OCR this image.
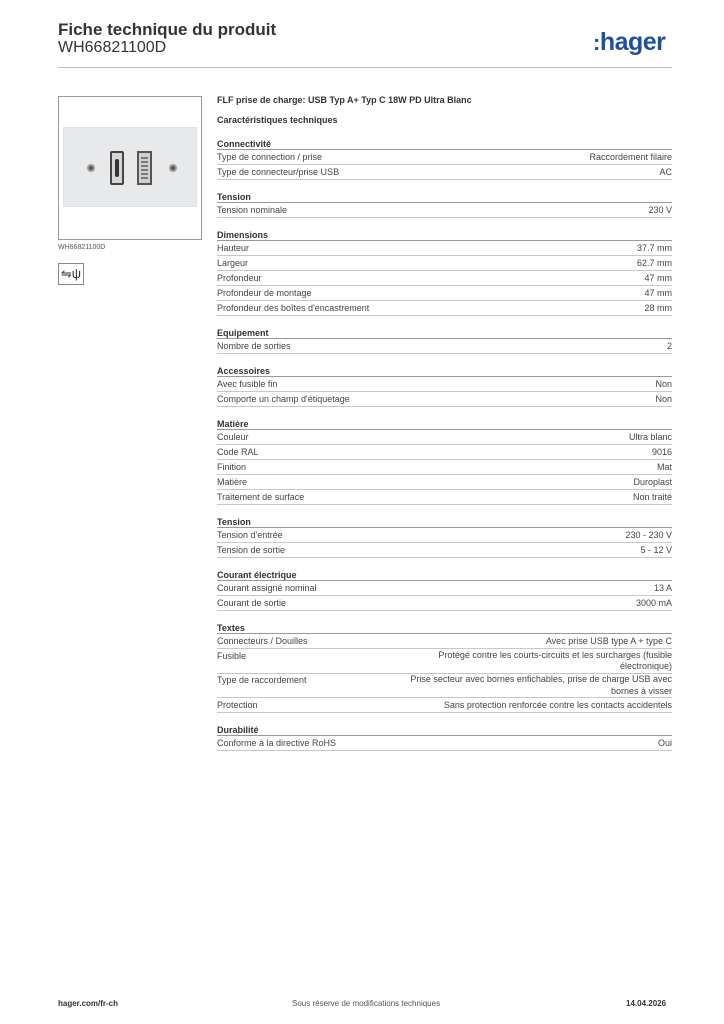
Fiche technique du produit
WH66821100D	:hager
WH66821100D
⇋ψ
FLF prise de charge: USB Typ A+ Typ C 18W PD Ultra Blanc
Caractéristiques techniques
Connectivité
Type de connection / prise	Raccordement filaire
Type de connecteur/prise USB	AC
Tension
Tension nominale	230 V
Dimensions
Hauteur	37.7 mm
Largeur	62.7 mm
Profondeur	47 mm
Profondeur de montage	47 mm
Profondeur des boîtes d'encastrement	28 mm
Equipement
Nombre de sorties	2
Accessoires
Avec fusible fin	Non
Comporte un champ d'étiquetage	Non
Matière
Couleur	Ultra blanc
Code RAL	9016
Finition	Mat
Matière	Duroplast
Traitement de surface	Non traité
Tension
Tension d'entrée	230 - 230 V
Tension de sortie	5 - 12 V
Courant électrique
Courant assigné nominal	13 A
Courant de sortie	3000 mA
Textes
Connecteurs / Douilles	Avec prise USB type A + type C
Fusible	Protégé contre les courts-circuits et les surcharges (fusible électronique)
Type de raccordement	Prise secteur avec bornes enfichables, prise de charge USB avec bornes à visser
Protection	Sans protection renforcée contre les contacts accidentels
Durabilité
Conforme à la directive RoHS	Oui
hager.com/fr-ch	Sous réserve de modifications techniques	14.04.2026
